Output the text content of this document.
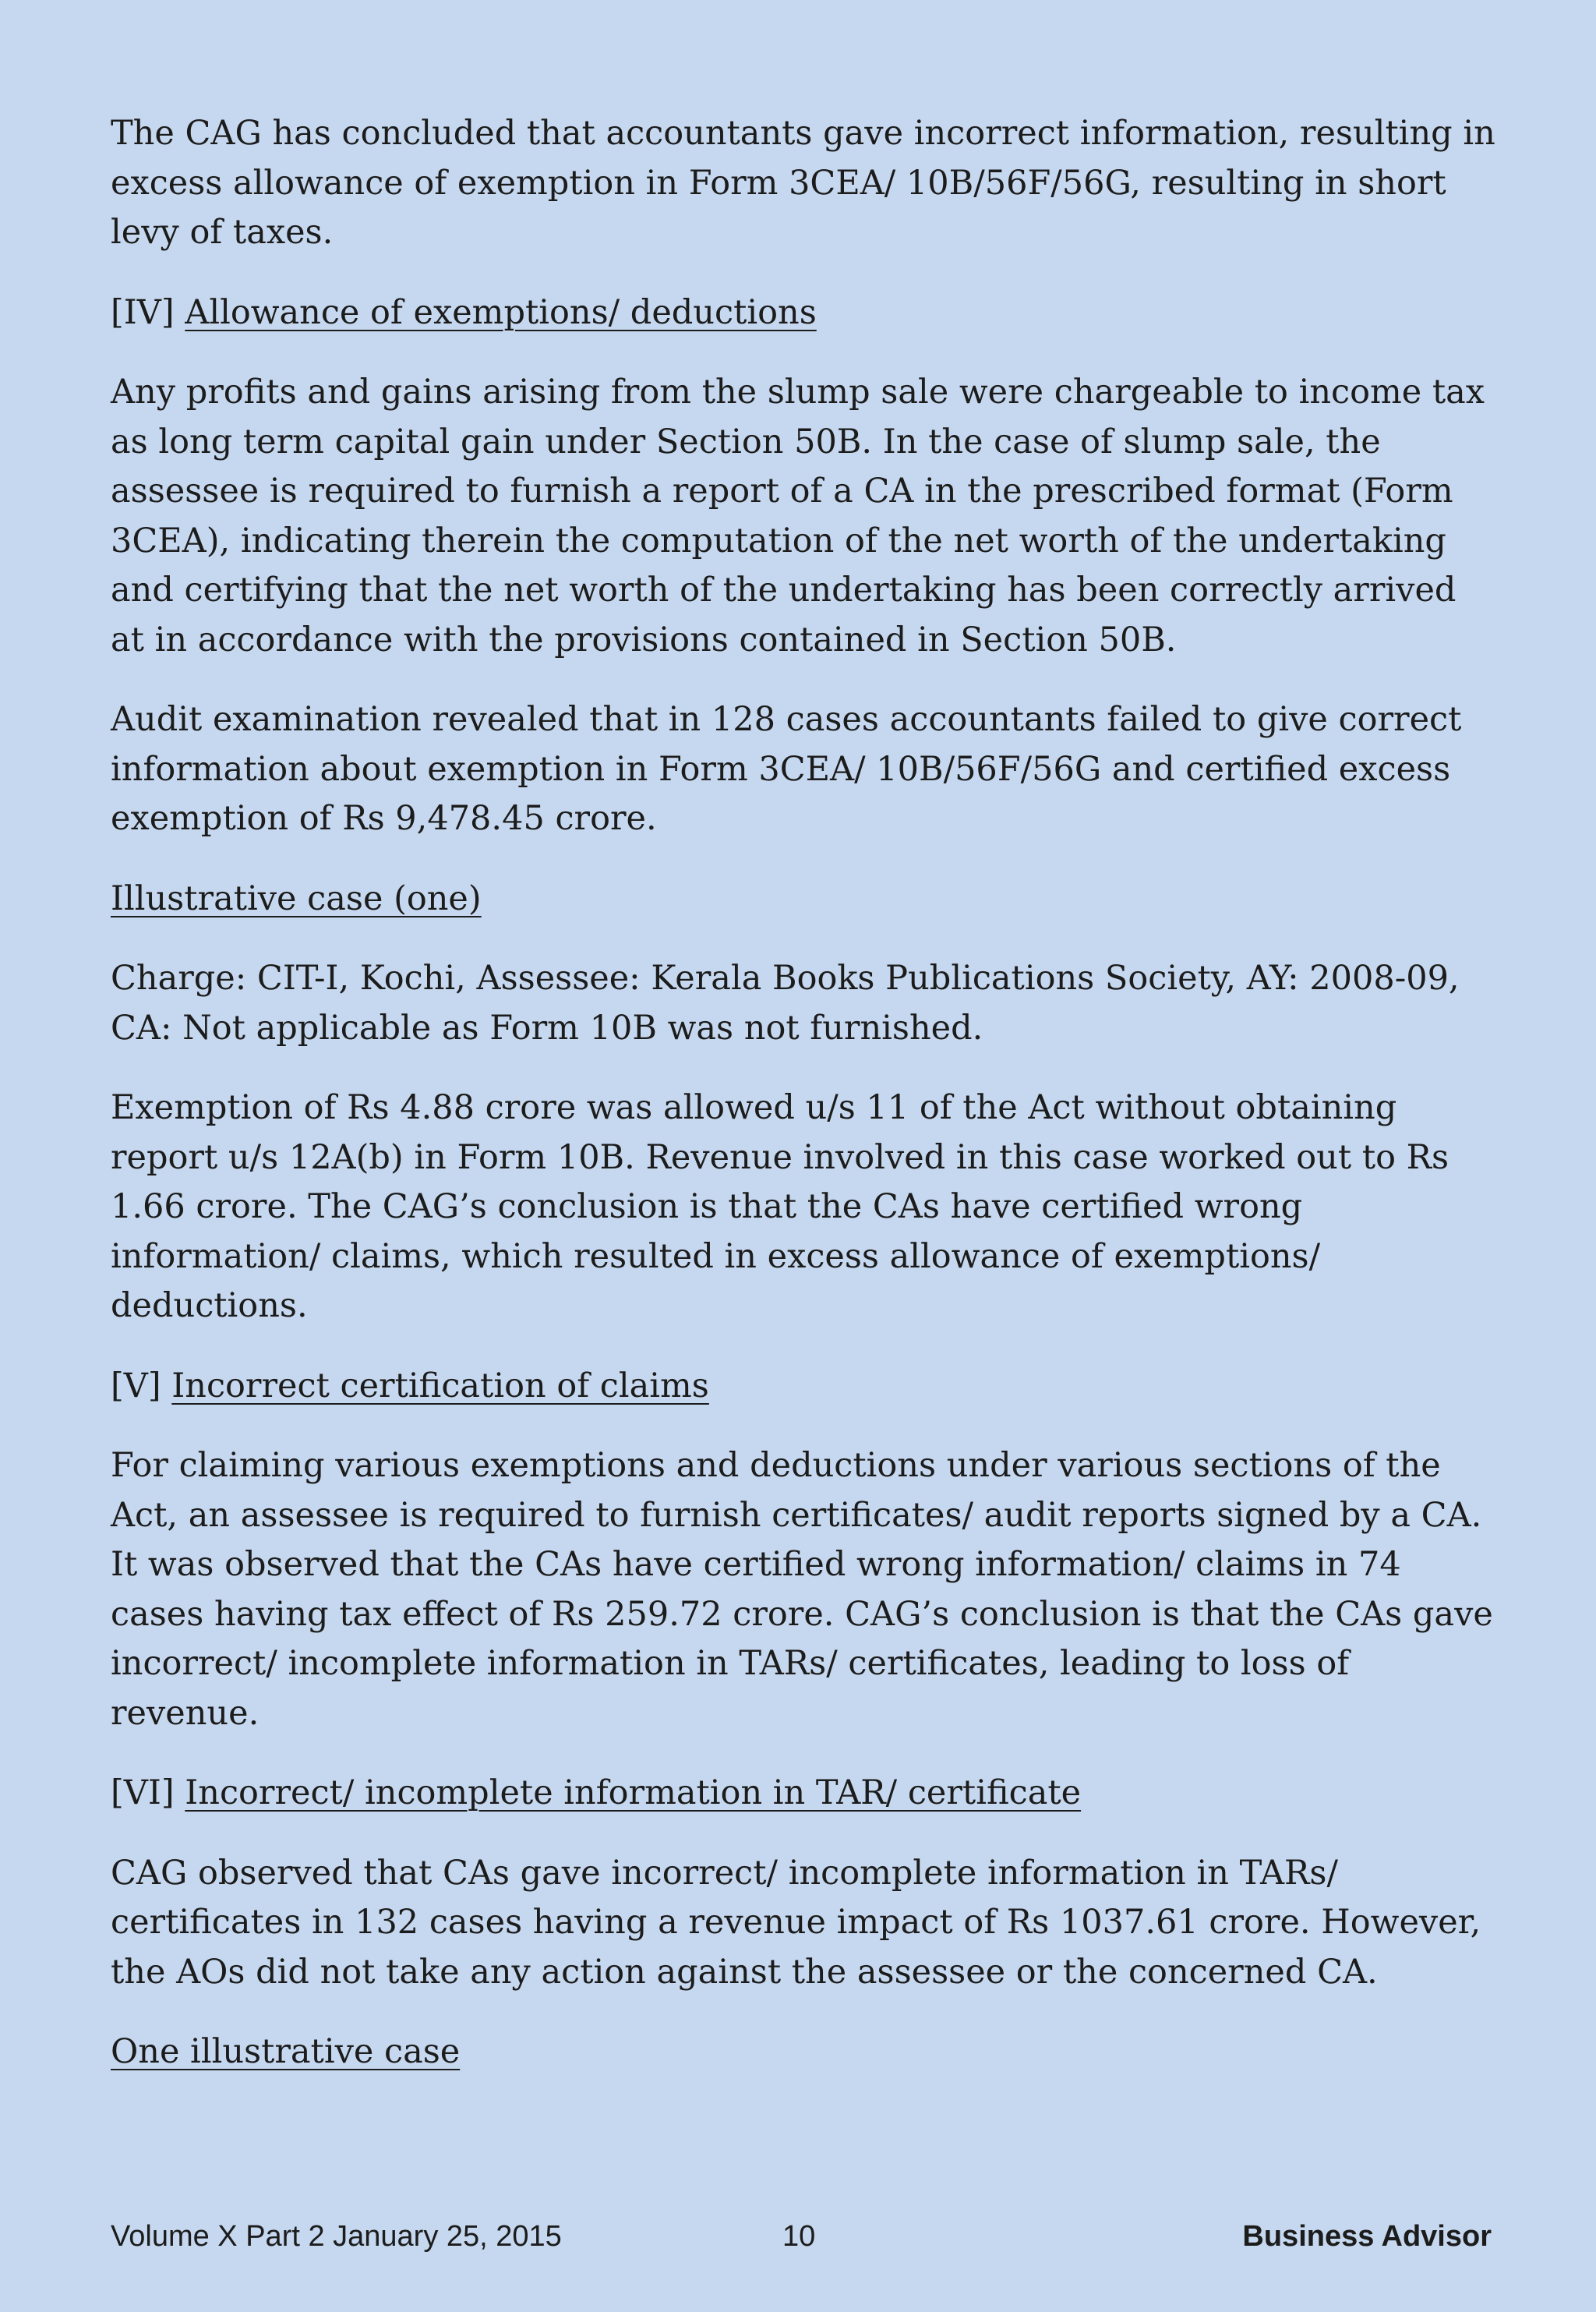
The CAG has concluded that accountants gave incorrect information, resulting in excess allowance of exemption in Form 3CEA/ 10B/56F/56G, resulting in short levy of taxes.

[IV] Allowance of exemptions/ deductions

Any profits and gains arising from the slump sale were chargeable to income tax as long term capital gain under Section 50B. In the case of slump sale, the assessee is required to furnish a report of a CA in the prescribed format (Form 3CEA), indicating therein the computation of the net worth of the undertaking and certifying that the net worth of the undertaking has been correctly arrived at in accordance with the provisions contained in Section 50B.

Audit examination revealed that in 128 cases accountants failed to give correct information about exemption in Form 3CEA/ 10B/56F/56G and certified excess exemption of Rs 9,478.45 crore.

Illustrative case (one)

Charge: CIT-I, Kochi, Assessee: Kerala Books Publications Society, AY: 2008-09, CA: Not applicable as Form 10B was not furnished.

Exemption of Rs 4.88 crore was allowed u/s 11 of the Act without obtaining report u/s 12A(b) in Form 10B. Revenue involved in this case worked out to Rs 1.66 crore. The CAG’s conclusion is that the CAs have certified wrong information/ claims, which resulted in excess allowance of exemptions/ deductions.

[V] Incorrect certification of claims

For claiming various exemptions and deductions under various sections of the Act, an assessee is required to furnish certificates/ audit reports signed by a CA. It was observed that the CAs have certified wrong information/ claims in 74 cases having tax effect of Rs 259.72 crore. CAG’s conclusion is that the CAs gave incorrect/ incomplete information in TARs/ certificates, leading to loss of revenue.

[VI] Incorrect/ incomplete information in TAR/ certificate

CAG observed that CAs gave incorrect/ incomplete information in TARs/ certificates in 132 cases having a revenue impact of Rs 1037.61 crore. However, the AOs did not take any action against the assessee or the concerned CA.

One illustrative case

Volume X Part 2 January 25, 2015	10	Business Advisor
